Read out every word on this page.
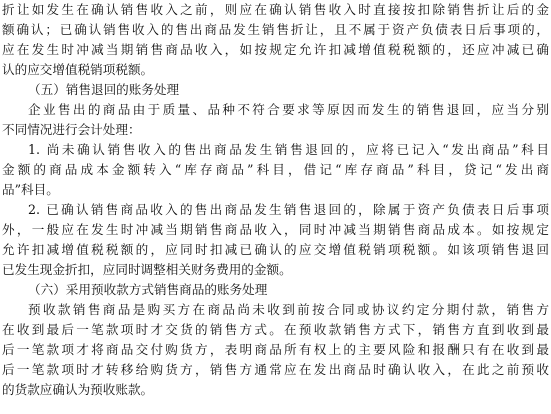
折让如发生在确认销售收入之前，则应在确认销售收入时直接按扣除销售折让后的金
额确认；已确认销售收入的售出商品发生销售折让，且不属于资产负债表日后事项的，
应在发生时冲减当期销售商品收入，如按规定允许扣减增值税税额的，还应冲减已确
认的应交增值税销项税额。
（五）销售退回的账务处理
企业售出的商品由于质量、品种不符合要求等原因而发生的销售退回，应当分别
不同情况进行会计处理：
1. 尚未确认销售收入的售出商品发生销售退回的，应将已记入“发出商品”科目
金额的商品成本金额转入“库存商品”科目，借记“库存商品”科目，贷记“发出商
品”科目。
2. 已确认销售商品收入的售出商品发生销售退回的，除属于资产负债表日后事项
外，一般应在发生时冲减当期销售商品收入，同时冲减当期销售商品成本。如按规定
允许扣减增值税税额的，应同时扣减已确认的应交增值税销项税额。如该项销售退回
已发生现金折扣，应同时调整相关财务费用的金额。
（六）采用预收款方式销售商品的账务处理
预收款销售商品是购买方在商品尚未收到前按合同或协议约定分期付款，销售方
在收到最后一笔款项时才交货的销售方式。在预收款销售方式下，销售方直到收到最
后一笔款项才将商品交付购货方，表明商品所有权上的主要风险和报酬只有在收到最
后一笔款项时才转移给购货方，销售方通常应在发出商品时确认收入，在此之前预收
的货款应确认为预收账款。
